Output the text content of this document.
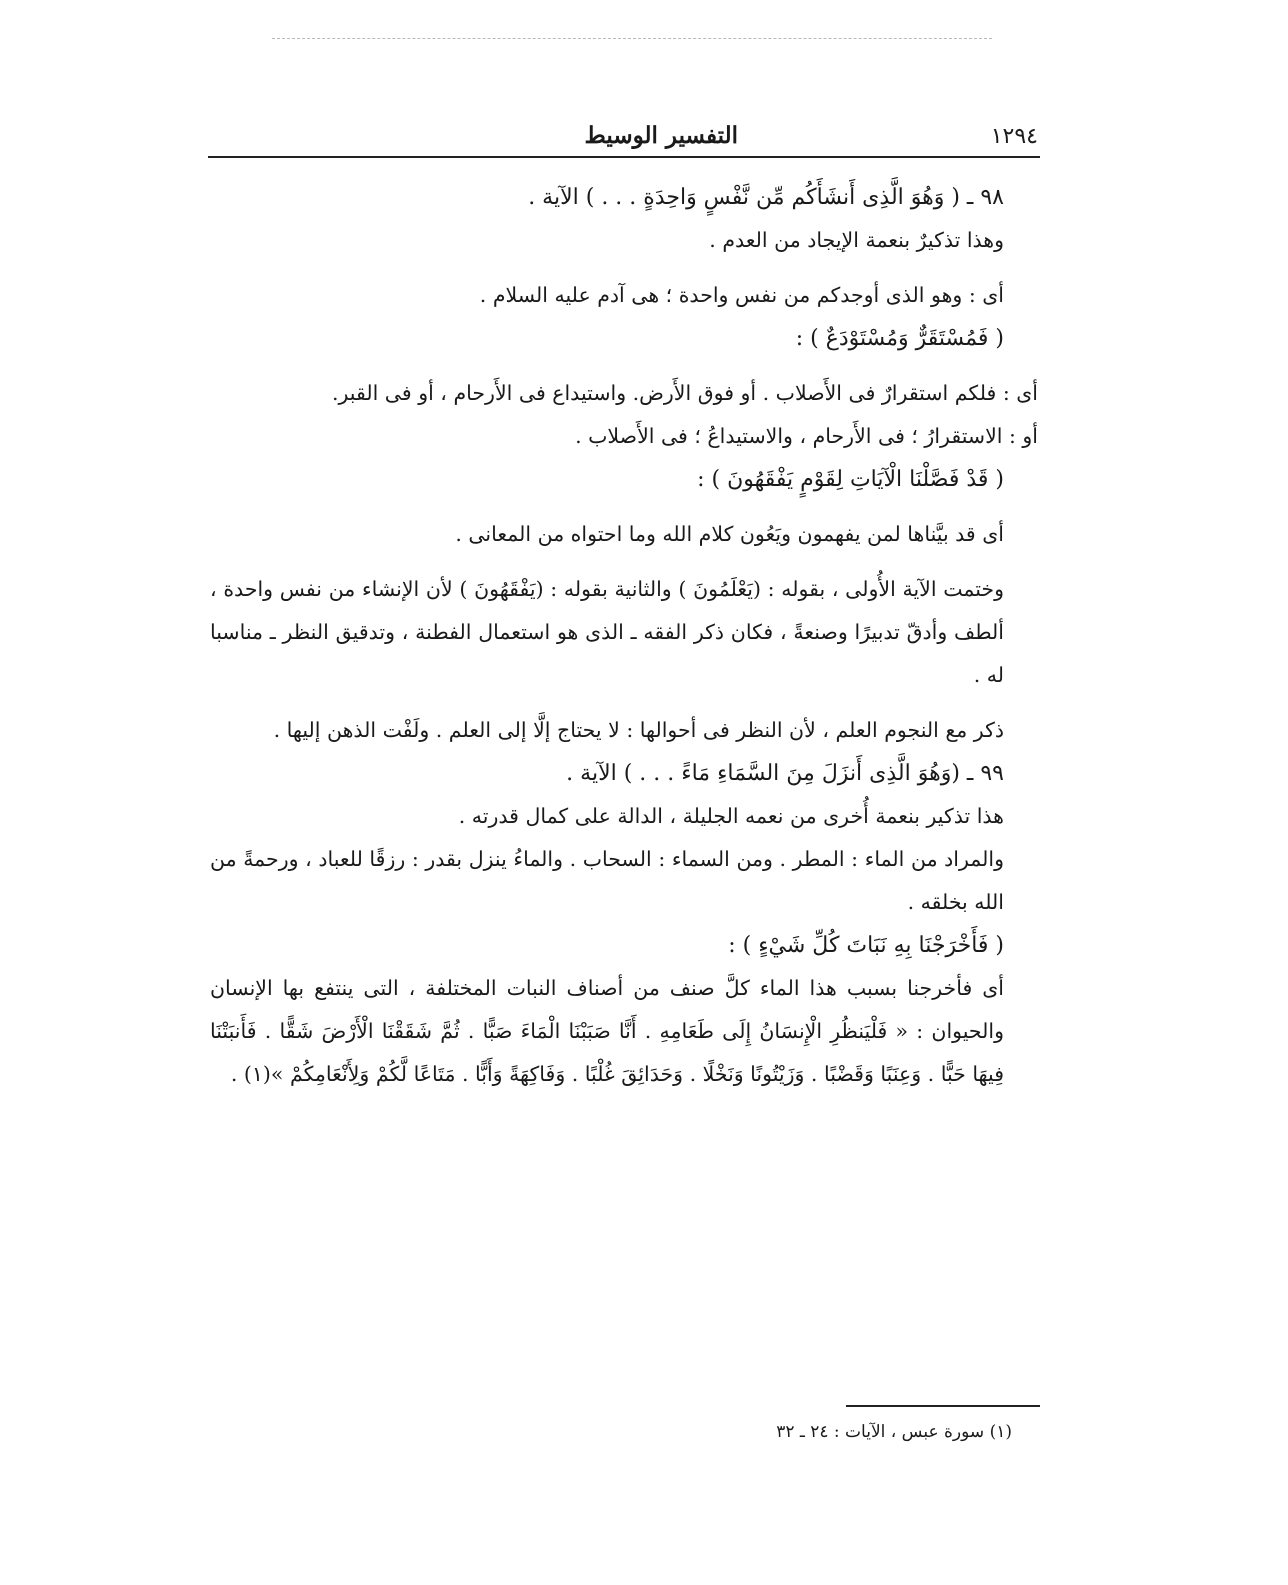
١٢٩٤
التفسير الوسيط

٩٨ ـ ( وَهُوَ الَّذِى أَنشَأَكُم مِّن نَّفْسٍ وَاحِدَةٍ . . . ) الآية .

وهذا تذكيرٌ بنعمة الإيجاد من العدم .

أى : وهو الذى أوجدكم من نفس واحدة ؛ هى آدم عليه السلام .

( فَمُسْتَقَرٌّ وَمُسْتَوْدَعٌ ) :

أى : فلكم استقرارٌ فى الأَصلاب . أو فوق الأَرض. واستيداع فى الأَرحام ، أو فى القبر.

أو : الاستقرارُ ؛ فى الأَرحام ، والاستيداعُ ؛ فى الأَصلاب .

( قَدْ فَصَّلْنَا الْآيَاتِ لِقَوْمٍ يَفْقَهُونَ ) :

أى قد بيَّناها لمن يفهمون ويَعُون كلام الله وما احتواه من المعانى .

وختمت الآية الأُولى ، بقوله : (يَعْلَمُونَ ) والثانية بقوله : (يَفْقَهُونَ ) لأن الإنشاء من نفس واحدة ، ألطف وأدقّ تدبيرًا وصنعةً ، فكان ذكر الفقه ـ الذى هو استعمال الفطنة ، وتدقيق النظر ـ مناسبا له .

ذكر مع النجوم العلم ، لأن النظر فى أحوالها : لا يحتاج إلَّا إلى العلم . ولَفْت الذهن إليها .

٩٩ ـ (وَهُوَ الَّذِى أَنزَلَ مِنَ السَّمَاءِ مَاءً . . . ) الآية .

هذا تذكير بنعمة أُخرى من نعمه الجليلة ، الدالة على كمال قدرته .

والمراد من الماء : المطر . ومن السماء : السحاب . والماءُ ينزل بقدر : رزقًا للعباد ، ورحمةً من الله بخلقه .

( فَأَخْرَجْنَا بِهِ نَبَاتَ كُلِّ شَيْءٍ ) :

أى فأخرجنا بسبب هذا الماء كلَّ صنف من أصناف النبات المختلفة ، التى ينتفع بها الإنسان والحيوان : « فَلْيَنظُرِ الْإِنسَانُ إِلَى طَعَامِهِ . أَنَّا صَبَبْنَا الْمَاءَ صَبًّا . ثُمَّ شَقَقْنَا الْأَرْضَ شَقًّا . فَأَنبَتْنَا فِيهَا حَبًّا . وَعِنَبًا وَقَضْبًا . وَزَيْتُونًا وَنَخْلًا . وَحَدَائِقَ غُلْبًا . وَفَاكِهَةً وَأَبًّا . مَتَاعًا لَّكُمْ وَلِأَنْعَامِكُمْ »(١) .

(١) سورة عبس ، الآيات : ٢٤ ـ ٣٢
